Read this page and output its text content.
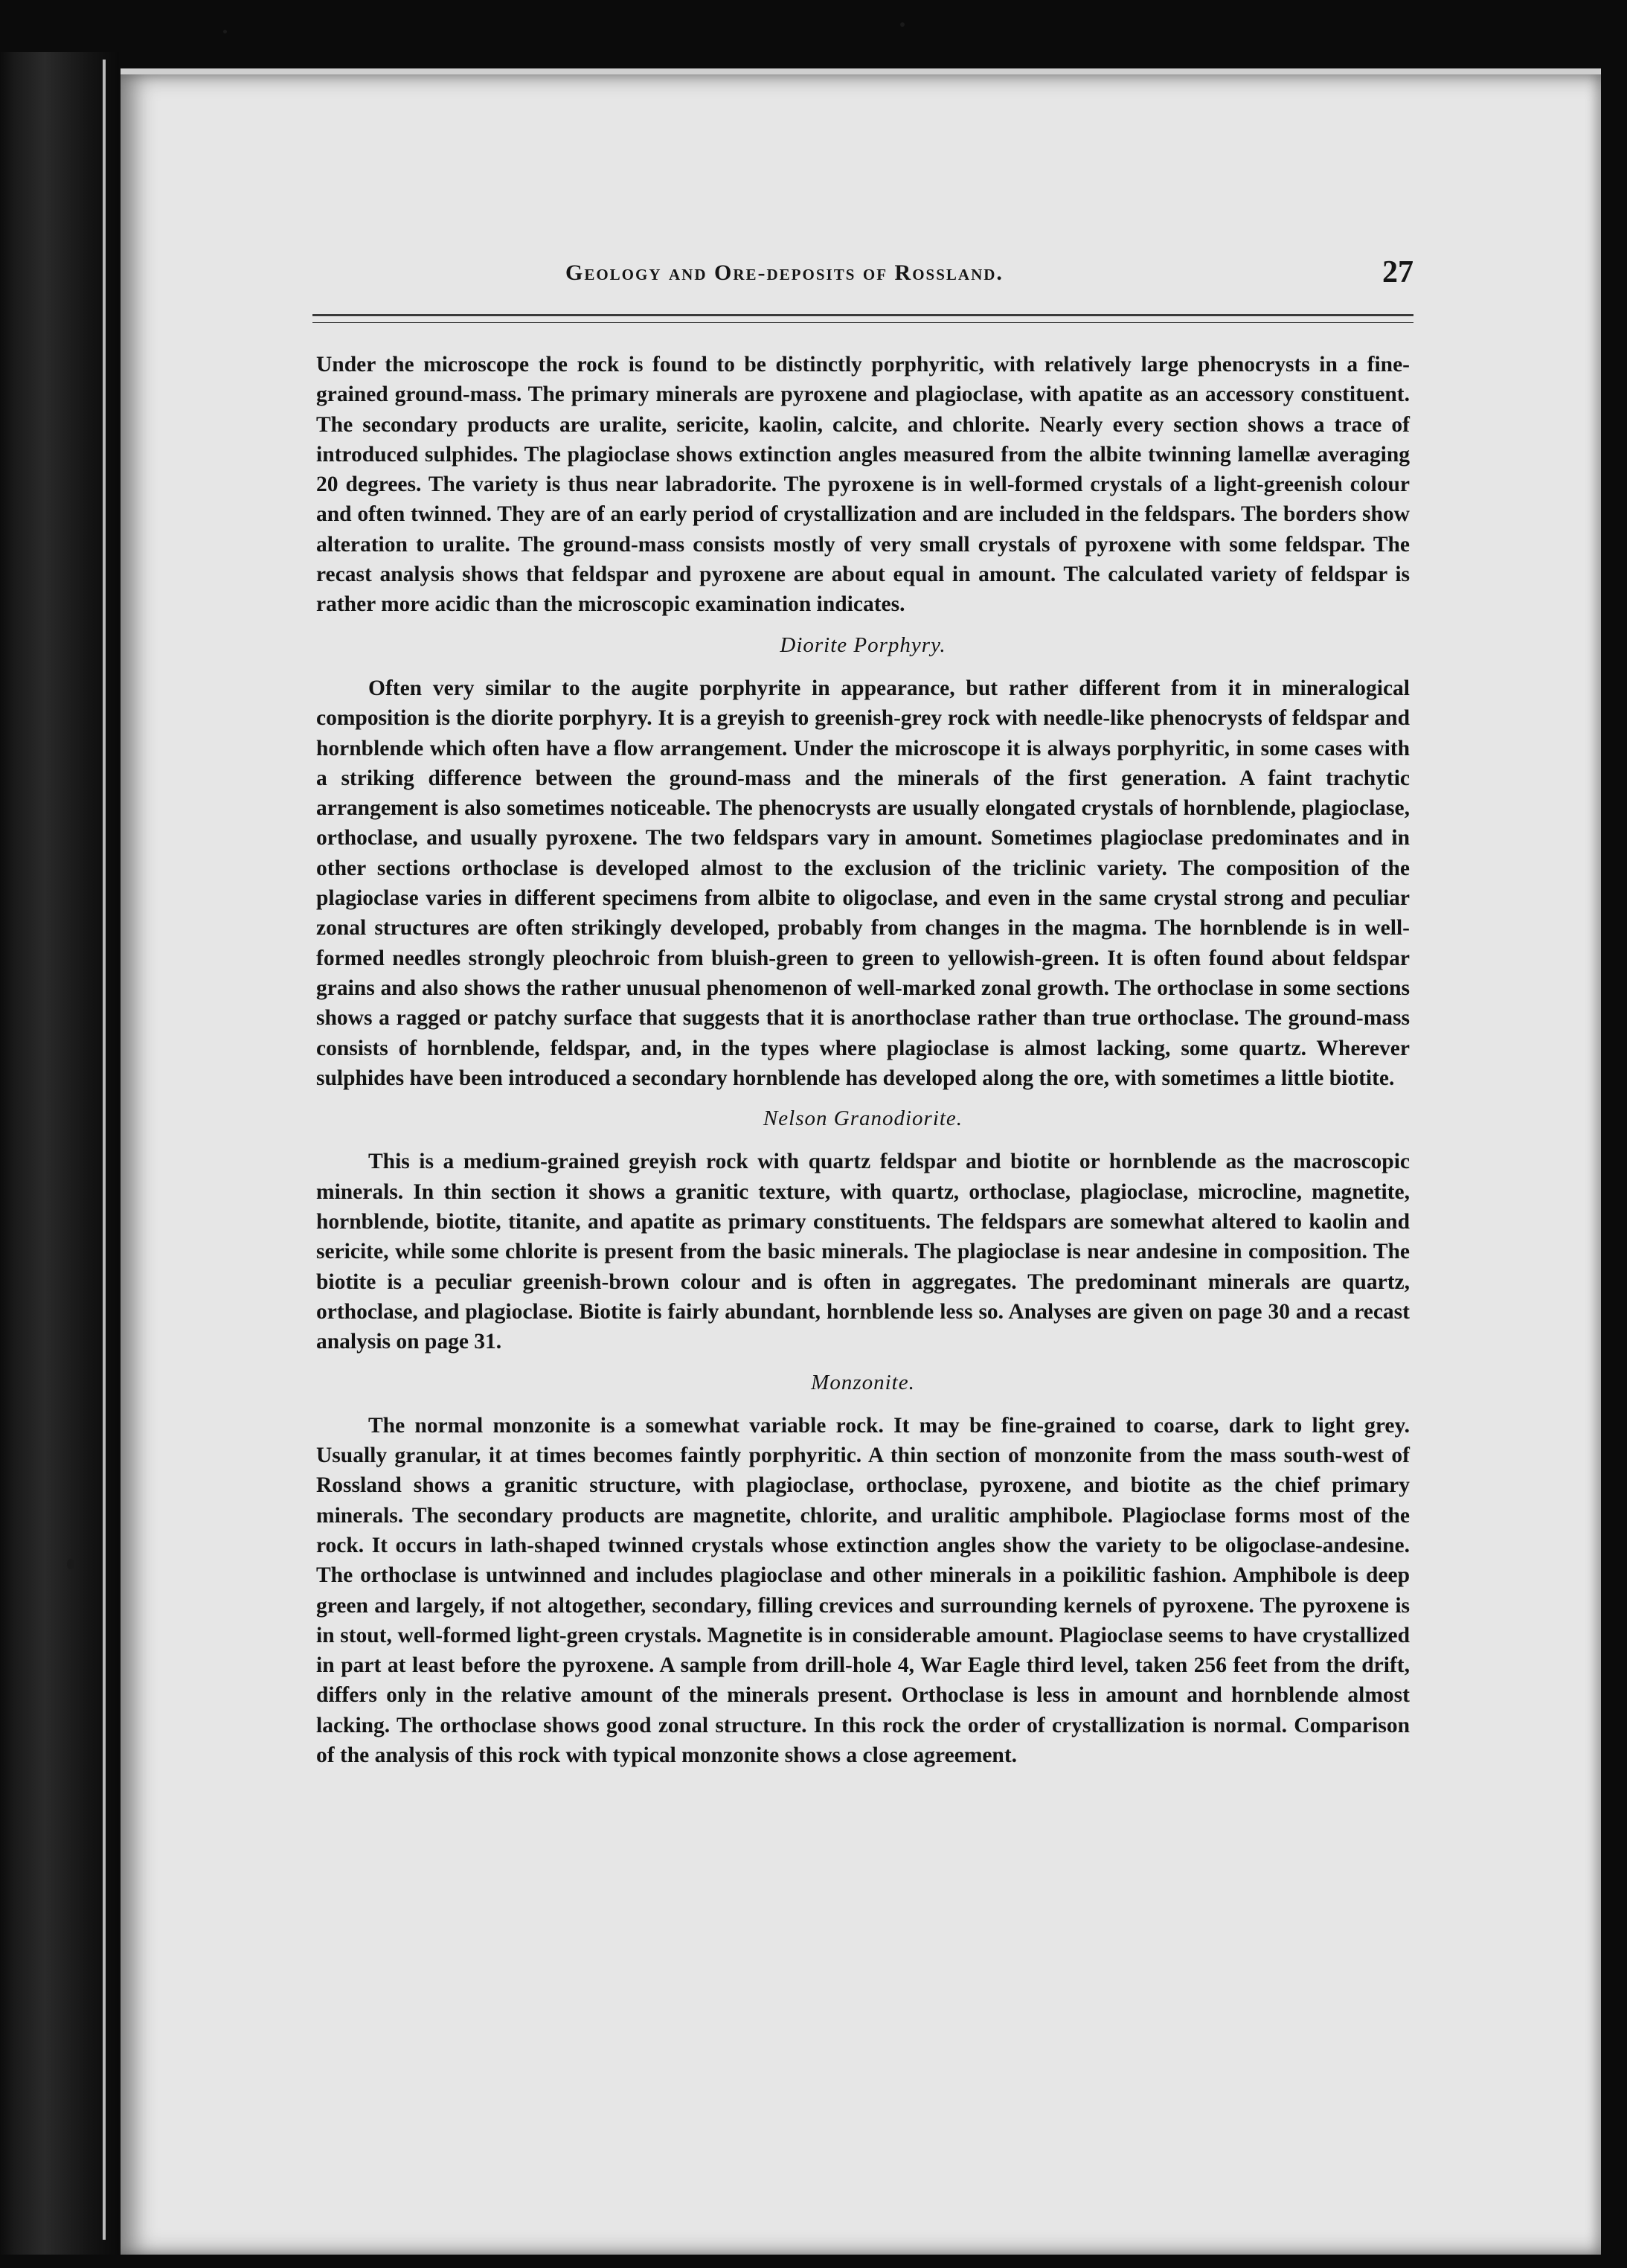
Geology and Ore-deposits of Rossland.	27

Under the microscope the rock is found to be distinctly porphyritic, with relatively large phenocrysts in a fine-grained ground-mass. The primary minerals are pyroxene and plagioclase, with apatite as an accessory constituent. The secondary products are uralite, sericite, kaolin, calcite, and chlorite. Nearly every section shows a trace of introduced sulphides. The plagioclase shows extinction angles measured from the albite twinning lamellæ averaging 20 degrees. The variety is thus near labradorite. The pyroxene is in well-formed crystals of a light-greenish colour and often twinned. They are of an early period of crystallization and are included in the feldspars. The borders show alteration to uralite. The ground-mass consists mostly of very small crystals of pyroxene with some feldspar. The recast analysis shows that feldspar and pyroxene are about equal in amount. The calculated variety of feldspar is rather more acidic than the microscopic examination indicates.

Diorite Porphyry.

Often very similar to the augite porphyrite in appearance, but rather different from it in mineralogical composition is the diorite porphyry. It is a greyish to greenish-grey rock with needle-like phenocrysts of feldspar and hornblende which often have a flow arrangement. Under the microscope it is always porphyritic, in some cases with a striking difference between the ground-mass and the minerals of the first generation. A faint trachytic arrangement is also sometimes noticeable. The phenocrysts are usually elongated crystals of hornblende, plagioclase, orthoclase, and usually pyroxene. The two feldspars vary in amount. Sometimes plagioclase predominates and in other sections orthoclase is developed almost to the exclusion of the triclinic variety. The composition of the plagioclase varies in different specimens from albite to oligoclase, and even in the same crystal strong and peculiar zonal structures are often strikingly developed, probably from changes in the magma. The hornblende is in well-formed needles strongly pleochroic from bluish-green to green to yellowish-green. It is often found about feldspar grains and also shows the rather unusual phenomenon of well-marked zonal growth. The orthoclase in some sections shows a ragged or patchy surface that suggests that it is anorthoclase rather than true orthoclase. The ground-mass consists of hornblende, feldspar, and, in the types where plagioclase is almost lacking, some quartz. Wherever sulphides have been introduced a secondary hornblende has developed along the ore, with sometimes a little biotite.

Nelson Granodiorite.

This is a medium-grained greyish rock with quartz feldspar and biotite or hornblende as the macroscopic minerals. In thin section it shows a granitic texture, with quartz, orthoclase, plagioclase, microcline, magnetite, hornblende, biotite, titanite, and apatite as primary constituents. The feldspars are somewhat altered to kaolin and sericite, while some chlorite is present from the basic minerals. The plagioclase is near andesine in composition. The biotite is a peculiar greenish-brown colour and is often in aggregates. The predominant minerals are quartz, orthoclase, and plagioclase. Biotite is fairly abundant, hornblende less so. Analyses are given on page 30 and a recast analysis on page 31.

Monzonite.

The normal monzonite is a somewhat variable rock. It may be fine-grained to coarse, dark to light grey. Usually granular, it at times becomes faintly porphyritic. A thin section of monzonite from the mass south-west of Rossland shows a granitic structure, with plagioclase, orthoclase, pyroxene, and biotite as the chief primary minerals. The secondary products are magnetite, chlorite, and uralitic amphibole. Plagioclase forms most of the rock. It occurs in lath-shaped twinned crystals whose extinction angles show the variety to be oligoclase-andesine. The orthoclase is untwinned and includes plagioclase and other minerals in a poikilitic fashion. Amphibole is deep green and largely, if not altogether, secondary, filling crevices and surrounding kernels of pyroxene. The pyroxene is in stout, well-formed light-green crystals. Magnetite is in considerable amount. Plagioclase seems to have crystallized in part at least before the pyroxene. A sample from drill-hole 4, War Eagle third level, taken 256 feet from the drift, differs only in the relative amount of the minerals present. Orthoclase is less in amount and hornblende almost lacking. The orthoclase shows good zonal structure. In this rock the order of crystallization is normal. Comparison of the analysis of this rock with typical monzonite shows a close agreement.
